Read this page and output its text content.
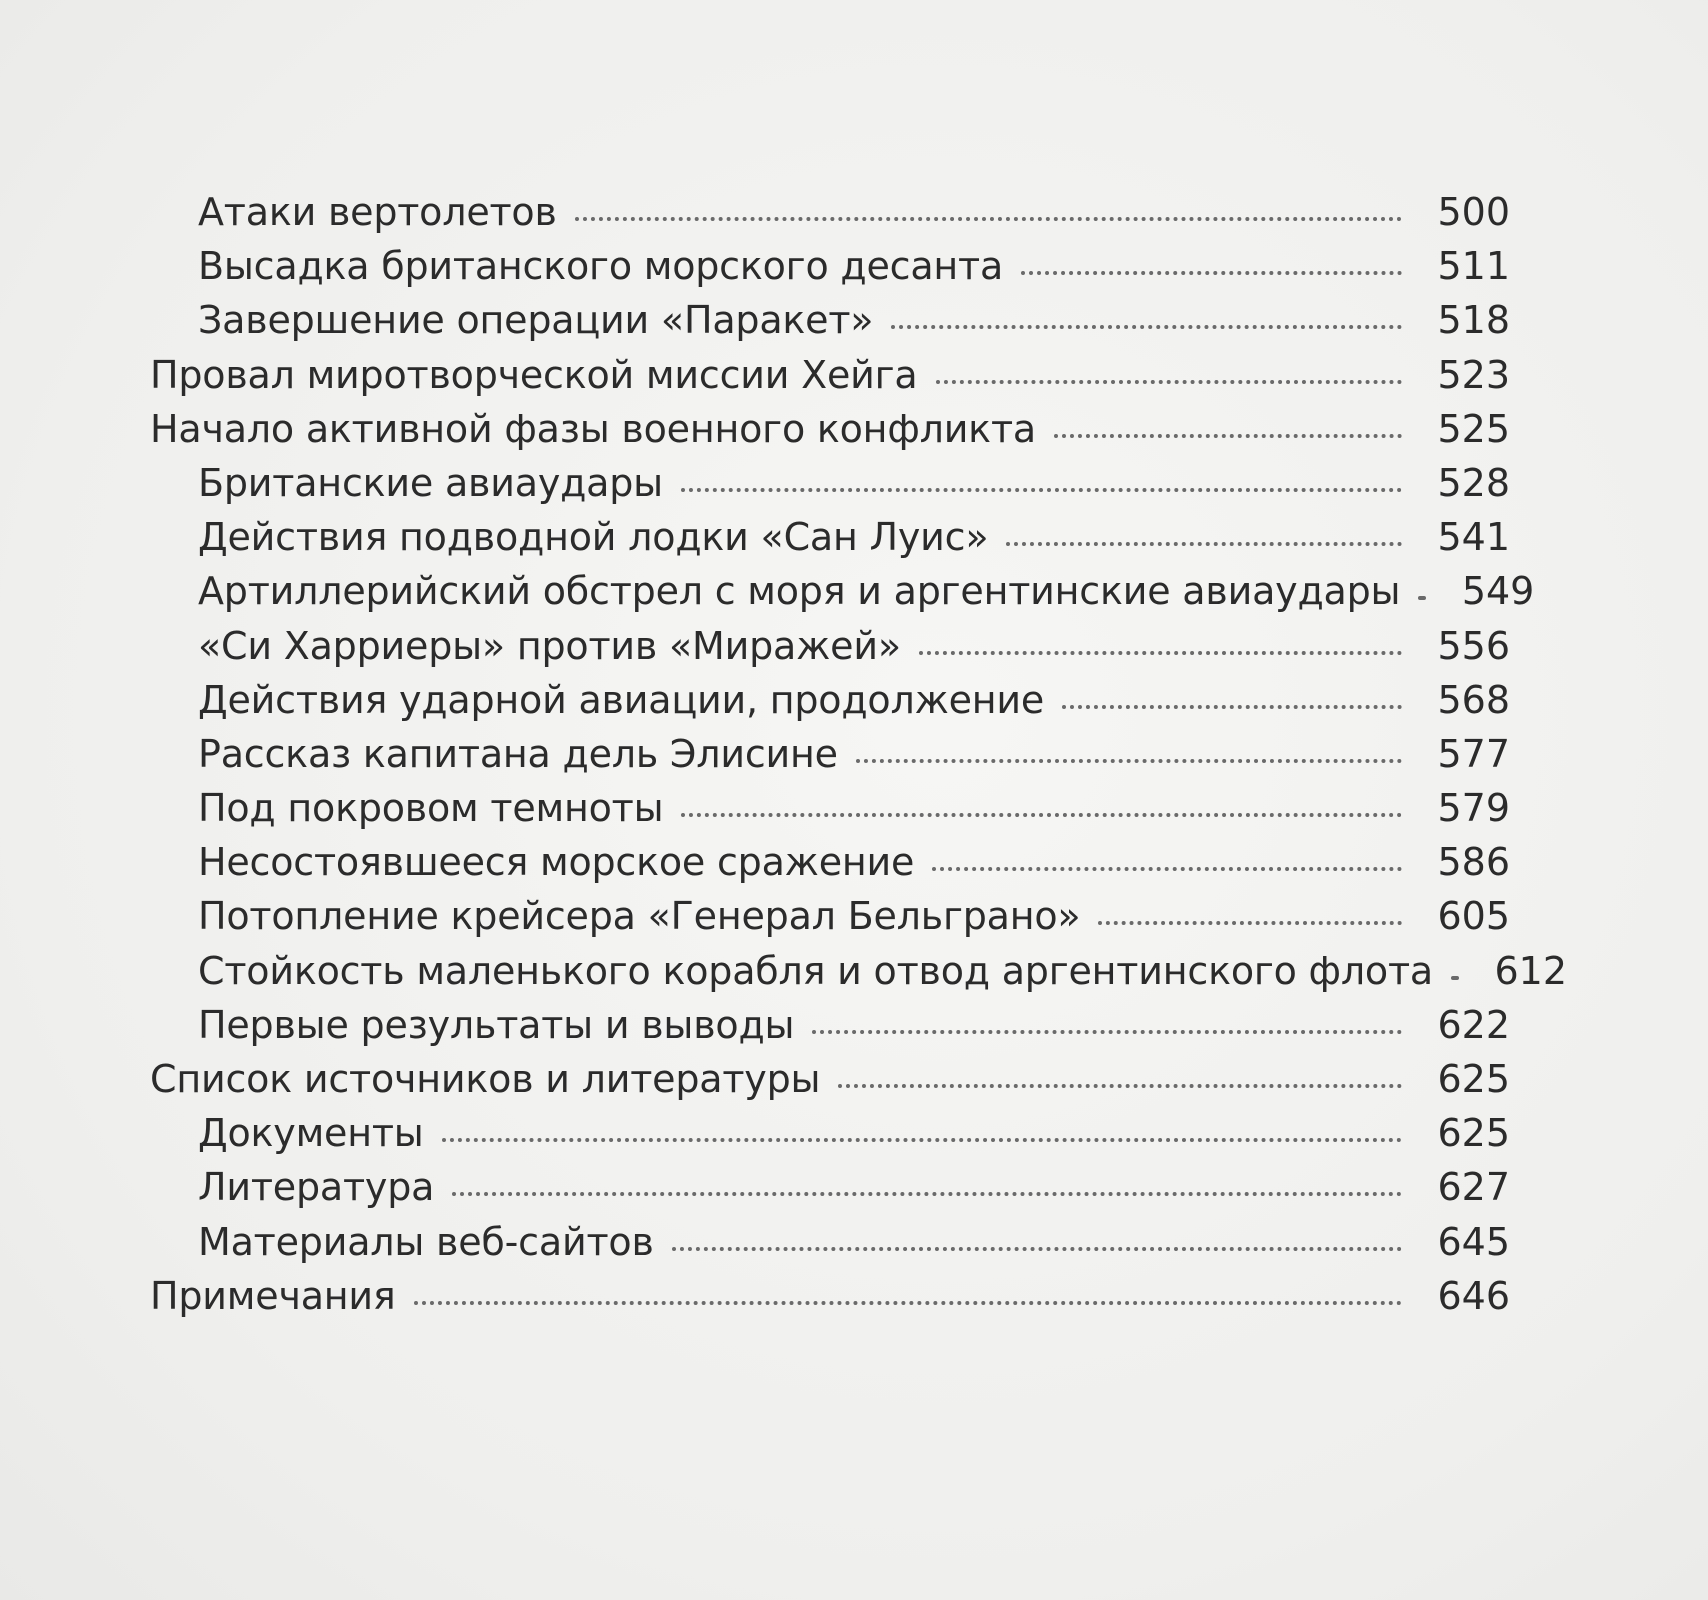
Атаки вертолетов	500
Высадка британского морского десанта	511
Завершение операции «Паракет»	518
Провал миротворческой миссии Хейга	523
Начало активной фазы военного конфликта	525
Британские авиаудары	528
Действия подводной лодки «Сан Луис»	541
Артиллерийский обстрел с моря и аргентинские авиаудары 549
«Си Харриеры» против «Миражей»	556
Действия ударной авиации, продолжение	568
Рассказ капитана дель Элисине	577
Под покровом темноты	579
Несостоявшееся морское сражение	586
Потопление крейсера «Генерал Бельграно»	605
Стойкость маленького корабля и отвод аргентинского флота 612
Первые результаты и выводы	622
Список источников и литературы	625
Документы	625
Литература	627
Материалы веб-сайтов	645
Примечания	646
